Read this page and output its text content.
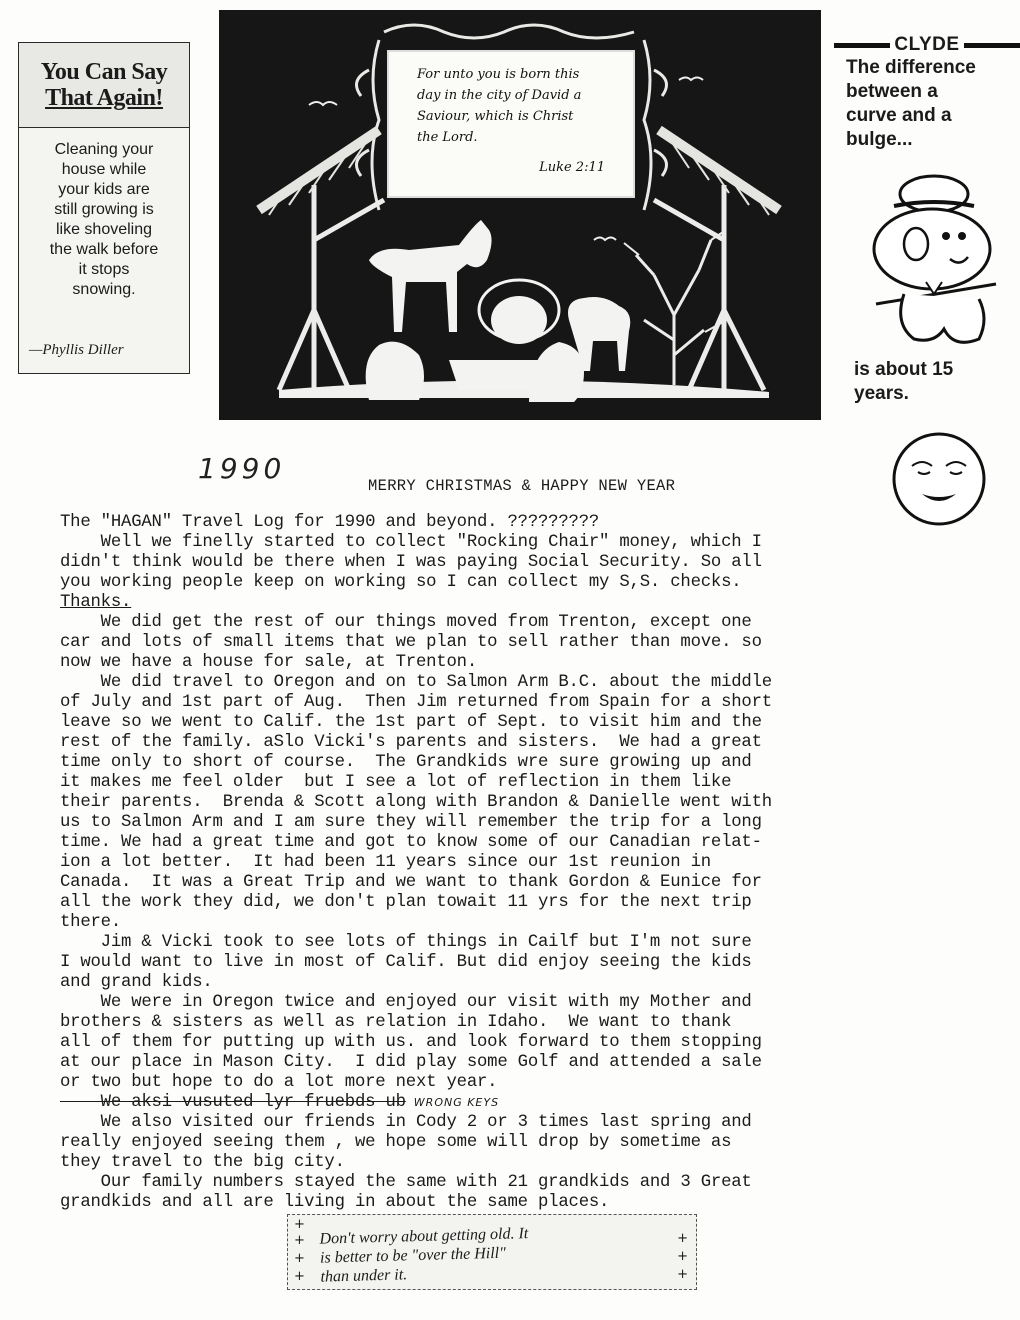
You Can Say
That Again!
Cleaning your
house while
your kids are
still growing is
like shoveling
the walk before
it stops
snowing.
—Phyllis Diller
For unto you is born this
day in the city of David a
Saviour, which is Christ
the Lord.
Luke 2:11
CLYDE
The difference
between a
curve and a
bulge...
is about 15
years.
1990
MERRY CHRISTMAS & HAPPY NEW YEAR
The "HAGAN" Travel Log for 1990 and beyond. ?????????
Well we finelly started to collect "Rocking Chair" money, which I
didn't think would be there when I was paying Social Security. So all
you working people keep on working so I can collect my S,S. checks.
Thanks.
We did get the rest of our things moved from Trenton, except one
car and lots of small items that we plan to sell rather than move. so
now we have a house for sale, at Trenton.
We did travel to Oregon and on to Salmon Arm B.C. about the middle
of July and 1st part of Aug.  Then Jim returned from Spain for a short
leave so we went to Calif. the 1st part of Sept. to visit him and the
rest of the family. aSlo Vicki's parents and sisters.  We had a great
time only to short of course.  The Grandkids wre sure growing up and
it makes me feel older  but I see a lot of reflection in them like
their parents.  Brenda & Scott along with Brandon & Danielle went with
us to Salmon Arm and I am sure they will remember the trip for a long
time. We had a great time and got to know some of our Canadian relat-
ion a lot better.  It had been 11 years since our 1st reunion in
Canada.  It was a Great Trip and we want to thank Gordon & Eunice for
all the work they did, we don't plan towait 11 yrs for the next trip
there.
Jim & Vicki took to see lots of things in Cailf but I'm not sure
I would want to live in most of Calif. But did enjoy seeing the kids
and grand kids.
We were in Oregon twice and enjoyed our visit with my Mother and
brothers & sisters as well as relation in Idaho.  We want to thank
all of them for putting up with us. and look forward to them stopping
at our place in Mason City.  I did play some Golf and attended a sale
or two but hope to do a lot more next year.
We aksi vusuted lyr fruebds ub WRONG KEYS
We also visited our friends in Cody 2 or 3 times last spring and
really enjoyed seeing them , we hope some will drop by sometime as
they travel to the big city.
Our family numbers stayed the same with 21 grandkids and 3 Great
grandkids and all are living in about the same places.
+
+
+
+
+
+
+
Don't worry about getting old. It
is better to be "over the Hill"
than under it.
